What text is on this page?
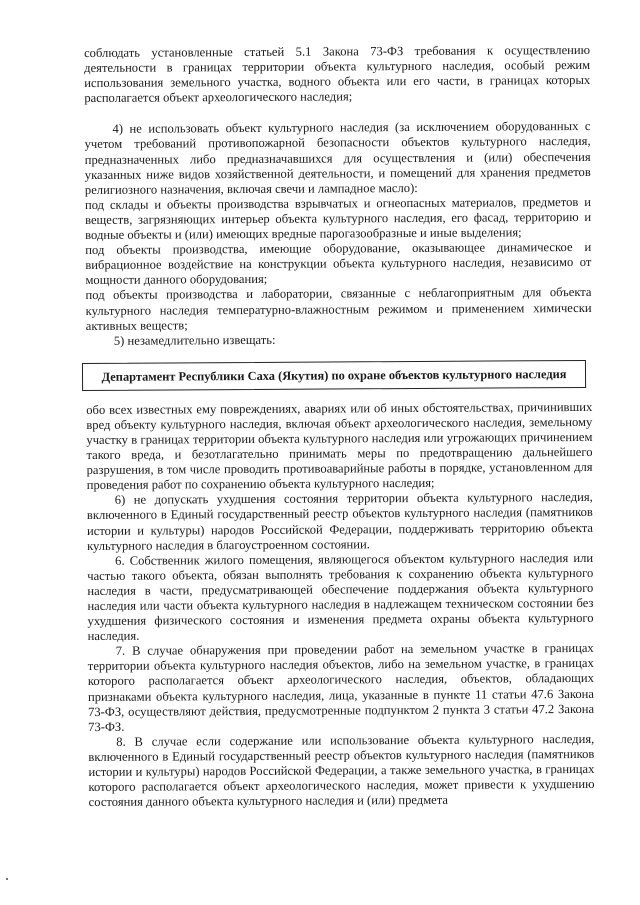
соблюдать установленные статьей 5.1 Закона 73-ФЗ требования к осуществлению деятельности в границах территории объекта культурного наследия, особый режим использования земельного участка, водного объекта или его части, в границах которых располагается объект археологического наследия;

4) не использовать объект культурного наследия (за исключением оборудованных с учетом требований противопожарной безопасности объектов культурного наследия, предназначенных либо предназначавшихся для осуществления и (или) обеспечения указанных ниже видов хозяйственной деятельности, и помещений для хранения предметов религиозного назначения, включая свечи и лампадное масло):

под склады и объекты производства взрывчатых и огнеопасных материалов, предметов и веществ, загрязняющих интерьер объекта культурного наследия, его фасад, территорию и водные объекты и (или) имеющих вредные парогазообразные и иные выделения;

под объекты производства, имеющие оборудование, оказывающее динамическое и вибрационное воздействие на конструкции объекта культурного наследия, независимо от мощности данного оборудования;

под объекты производства и лаборатории, связанные с неблагоприятным для объекта культурного наследия температурно-влажностным режимом и применением химически активных веществ;

5) незамедлительно извещать:

Департамент Республики Саха (Якутия) по охране объектов культурного наследия

обо всех известных ему повреждениях, авариях или об иных обстоятельствах, причинивших вред объекту культурного наследия, включая объект археологического наследия, земельному участку в границах территории объекта культурного наследия или угрожающих причинением такого вреда, и безотлагательно принимать меры по предотвращению дальнейшего разрушения, в том числе проводить противоаварийные работы в порядке, установленном для проведения работ по сохранению объекта культурного наследия;

6) не допускать ухудшения состояния территории объекта культурного наследия, включенного в Единый государственный реестр объектов культурного наследия (памятников истории и культуры) народов Российской Федерации, поддерживать территорию объекта культурного наследия в благоустроенном состоянии.

6. Собственник жилого помещения, являющегося объектом культурного наследия или частью такого объекта, обязан выполнять требования к сохранению объекта культурного наследия в части, предусматривающей обеспечение поддержания объекта культурного наследия или части объекта культурного наследия в надлежащем техническом состоянии без ухудшения физического состояния и изменения предмета охраны объекта культурного наследия.

7. В случае обнаружения при проведении работ на земельном участке в границах территории объекта культурного наследия объектов, либо на земельном участке, в границах которого располагается объект археологического наследия, объектов, обладающих признаками объекта культурного наследия, лица, указанные в пункте 11 статьи 47.6 Закона 73-ФЗ, осуществляют действия, предусмотренные подпунктом 2 пункта 3 статьи 47.2 Закона 73-ФЗ.

8. В случае если содержание или использование объекта культурного наследия, включенного в Единый государственный реестр объектов культурного наследия (памятников истории и культуры) народов Российской Федерации, а также земельного участка, в границах которого располагается объект археологического наследия, может привести к ухудшению состояния данного объекта культурного наследия и (или) предмета
